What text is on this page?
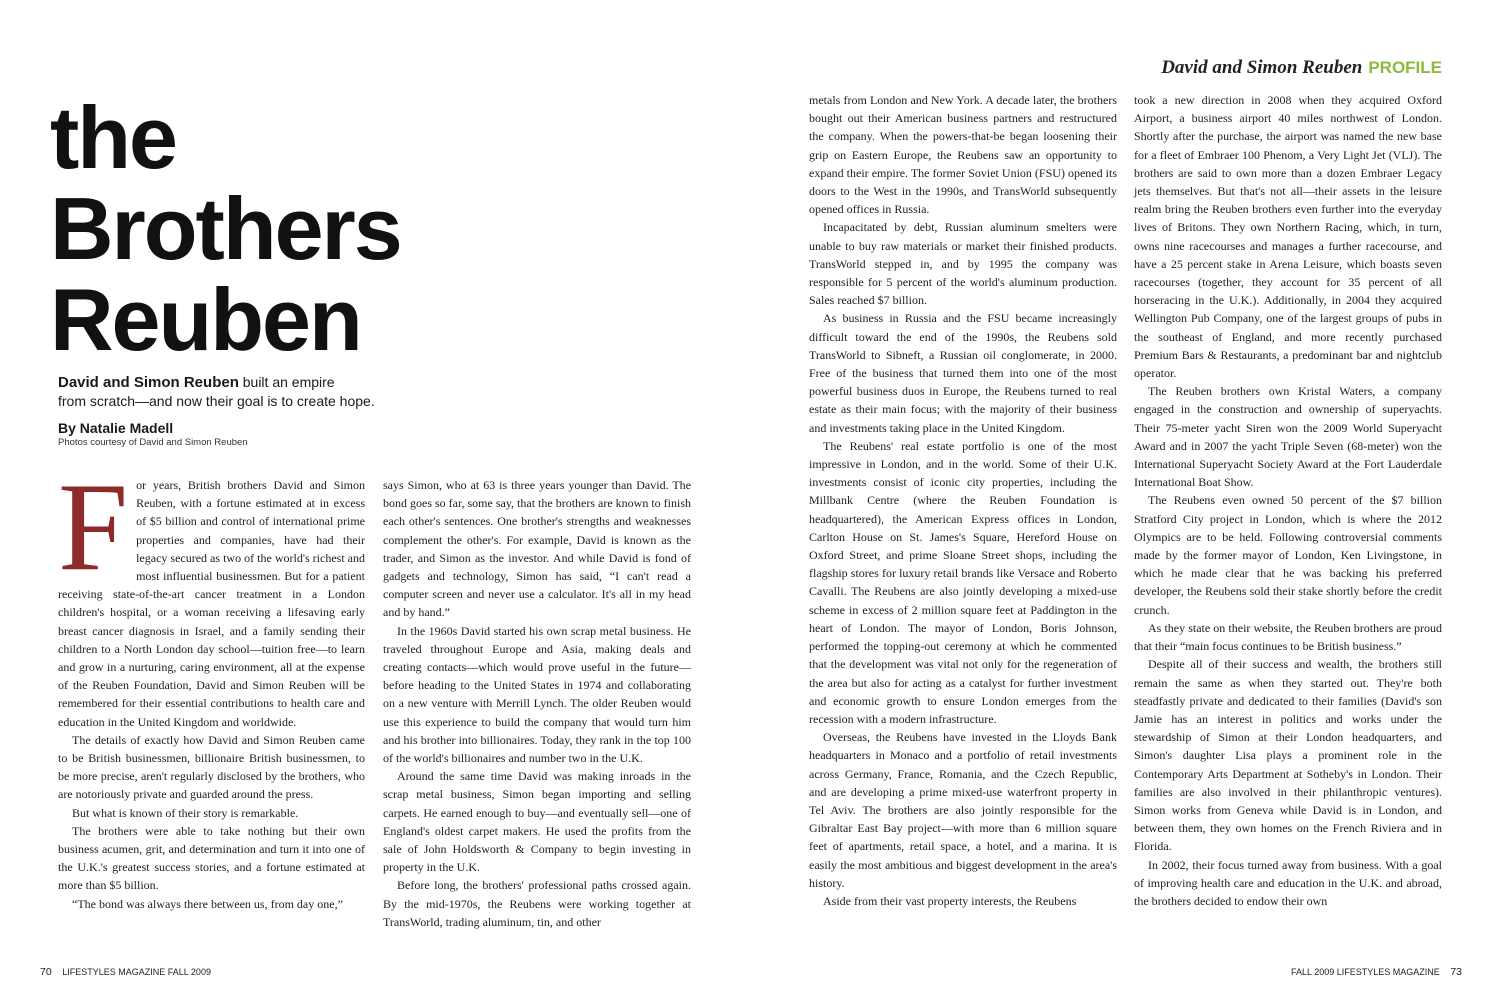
the
Brothers
Reuben
David and Simon Reuben built an empire
from scratch—and now their goal is to create hope.
By Natalie Madell
Photos courtesy of David and Simon Reuben
F or years, British brothers David and Simon Reuben, with a fortune estimated at in excess of $5 billion and control of international prime properties and companies, have had their legacy secured as two of the world's richest and most influential businessmen. But for a patient receiving state-of-the-art cancer treatment in a London children's hospital, or a woman receiving a lifesaving early breast cancer diagnosis in Israel, and a family sending their children to a North London day school—tuition free—to learn and grow in a nurturing, caring environment, all at the expense of the Reuben Foundation, David and Simon Reuben will be remembered for their essential contributions to health care and education in the United Kingdom and worldwide.

The details of exactly how David and Simon Reuben came to be British businessmen, billionaire British businessmen, to be more precise, aren't regularly disclosed by the brothers, who are notoriously private and guarded around the press.

But what is known of their story is remarkable.

The brothers were able to take nothing but their own business acumen, grit, and determination and turn it into one of the U.K.'s greatest success stories, and a fortune estimated at more than $5 billion.

“The bond was always there between us, from day one,”

says Simon, who at 63 is three years younger than David. The bond goes so far, some say, that the brothers are known to finish each other's sentences. One brother's strengths and weaknesses complement the other's. For example, David is known as the trader, and Simon as the investor. And while David is fond of gadgets and technology, Simon has said, “I can't read a computer screen and never use a calculator. It's all in my head and by hand.”

In the 1960s David started his own scrap metal business. He traveled throughout Europe and Asia, making deals and creating contacts—which would prove useful in the future—before heading to the United States in 1974 and collaborating on a new venture with Merrill Lynch. The older Reuben would use this experience to build the company that would turn him and his brother into billionaires. Today, they rank in the top 100 of the world's billionaires and number two in the U.K.

Around the same time David was making inroads in the scrap metal business, Simon began importing and selling carpets. He earned enough to buy—and eventually sell—one of England's oldest carpet makers. He used the profits from the sale of John Holdsworth & Company to begin investing in property in the U.K.

Before long, the brothers' professional paths crossed again. By the mid-1970s, the Reubens were working together at TransWorld, trading aluminum, tin, and other

70 LIFESTYLES MAGAZINE FALL 2009
David and Simon Reuben PROFILE

metals from London and New York. A decade later, the brothers bought out their American business partners and restructured the company. When the powers-that-be began loosening their grip on Eastern Europe, the Reubens saw an opportunity to expand their empire. The former Soviet Union (FSU) opened its doors to the West in the 1990s, and TransWorld subsequently opened offices in Russia.

Incapacitated by debt, Russian aluminum smelters were unable to buy raw materials or market their finished products. TransWorld stepped in, and by 1995 the company was responsible for 5 percent of the world's aluminum production. Sales reached $7 billion.

As business in Russia and the FSU became increasingly difficult toward the end of the 1990s, the Reubens sold TransWorld to Sibneft, a Russian oil conglomerate, in 2000. Free of the business that turned them into one of the most powerful business duos in Europe, the Reubens turned to real estate as their main focus; with the majority of their business and investments taking place in the United Kingdom.

The Reubens' real estate portfolio is one of the most impressive in London, and in the world. Some of their U.K. investments consist of iconic city properties, including the Millbank Centre (where the Reuben Foundation is headquartered), the American Express offices in London, Carlton House on St. James's Square, Hereford House on Oxford Street, and prime Sloane Street shops, including the flagship stores for luxury retail brands like Versace and Roberto Cavalli. The Reubens are also jointly developing a mixed-use scheme in excess of 2 million square feet at Paddington in the heart of London. The mayor of London, Boris Johnson, performed the topping-out ceremony at which he commented that the development was vital not only for the regeneration of the area but also for acting as a catalyst for further investment and economic growth to ensure London emerges from the recession with a modern infrastructure.

Overseas, the Reubens have invested in the Lloyds Bank headquarters in Monaco and a portfolio of retail investments across Germany, France, Romania, and the Czech Republic, and are developing a prime mixed-use waterfront property in Tel Aviv. The brothers are also jointly responsible for the Gibraltar East Bay project—with more than 6 million square feet of apartments, retail space, a hotel, and a marina. It is easily the most ambitious and biggest development in the area's history.

Aside from their vast property interests, the Reubens

took a new direction in 2008 when they acquired Oxford Airport, a business airport 40 miles northwest of London. Shortly after the purchase, the airport was named the new base for a fleet of Embraer 100 Phenom, a Very Light Jet (VLJ). The brothers are said to own more than a dozen Embraer Legacy jets themselves. But that's not all—their assets in the leisure realm bring the Reuben brothers even further into the everyday lives of Britons. They own Northern Racing, which, in turn, owns nine racecourses and manages a further racecourse, and have a 25 percent stake in Arena Leisure, which boasts seven racecourses (together, they account for 35 percent of all horseracing in the U.K.). Additionally, in 2004 they acquired Wellington Pub Company, one of the largest groups of pubs in the southeast of England, and more recently purchased Premium Bars & Restaurants, a predominant bar and nightclub operator.

The Reuben brothers own Kristal Waters, a company engaged in the construction and ownership of superyachts. Their 75-meter yacht Siren won the 2009 World Superyacht Award and in 2007 the yacht Triple Seven (68-meter) won the International Superyacht Society Award at the Fort Lauderdale International Boat Show.

The Reubens even owned 50 percent of the $7 billion Stratford City project in London, which is where the 2012 Olympics are to be held. Following controversial comments made by the former mayor of London, Ken Livingstone, in which he made clear that he was backing his preferred developer, the Reubens sold their stake shortly before the credit crunch.

As they state on their website, the Reuben brothers are proud that their “main focus continues to be British business.”

Despite all of their success and wealth, the brothers still remain the same as when they started out. They're both steadfastly private and dedicated to their families (David's son Jamie has an interest in politics and works under the stewardship of Simon at their London headquarters, and Simon's daughter Lisa plays a prominent role in the Contemporary Arts Department at Sotheby's in London. Their families are also involved in their philanthropic ventures). Simon works from Geneva while David is in London, and between them, they own homes on the French Riviera and in Florida.

In 2002, their focus turned away from business. With a goal of improving health care and education in the U.K. and abroad, the brothers decided to endow their own

FALL 2009 LIFESTYLES MAGAZINE 73
